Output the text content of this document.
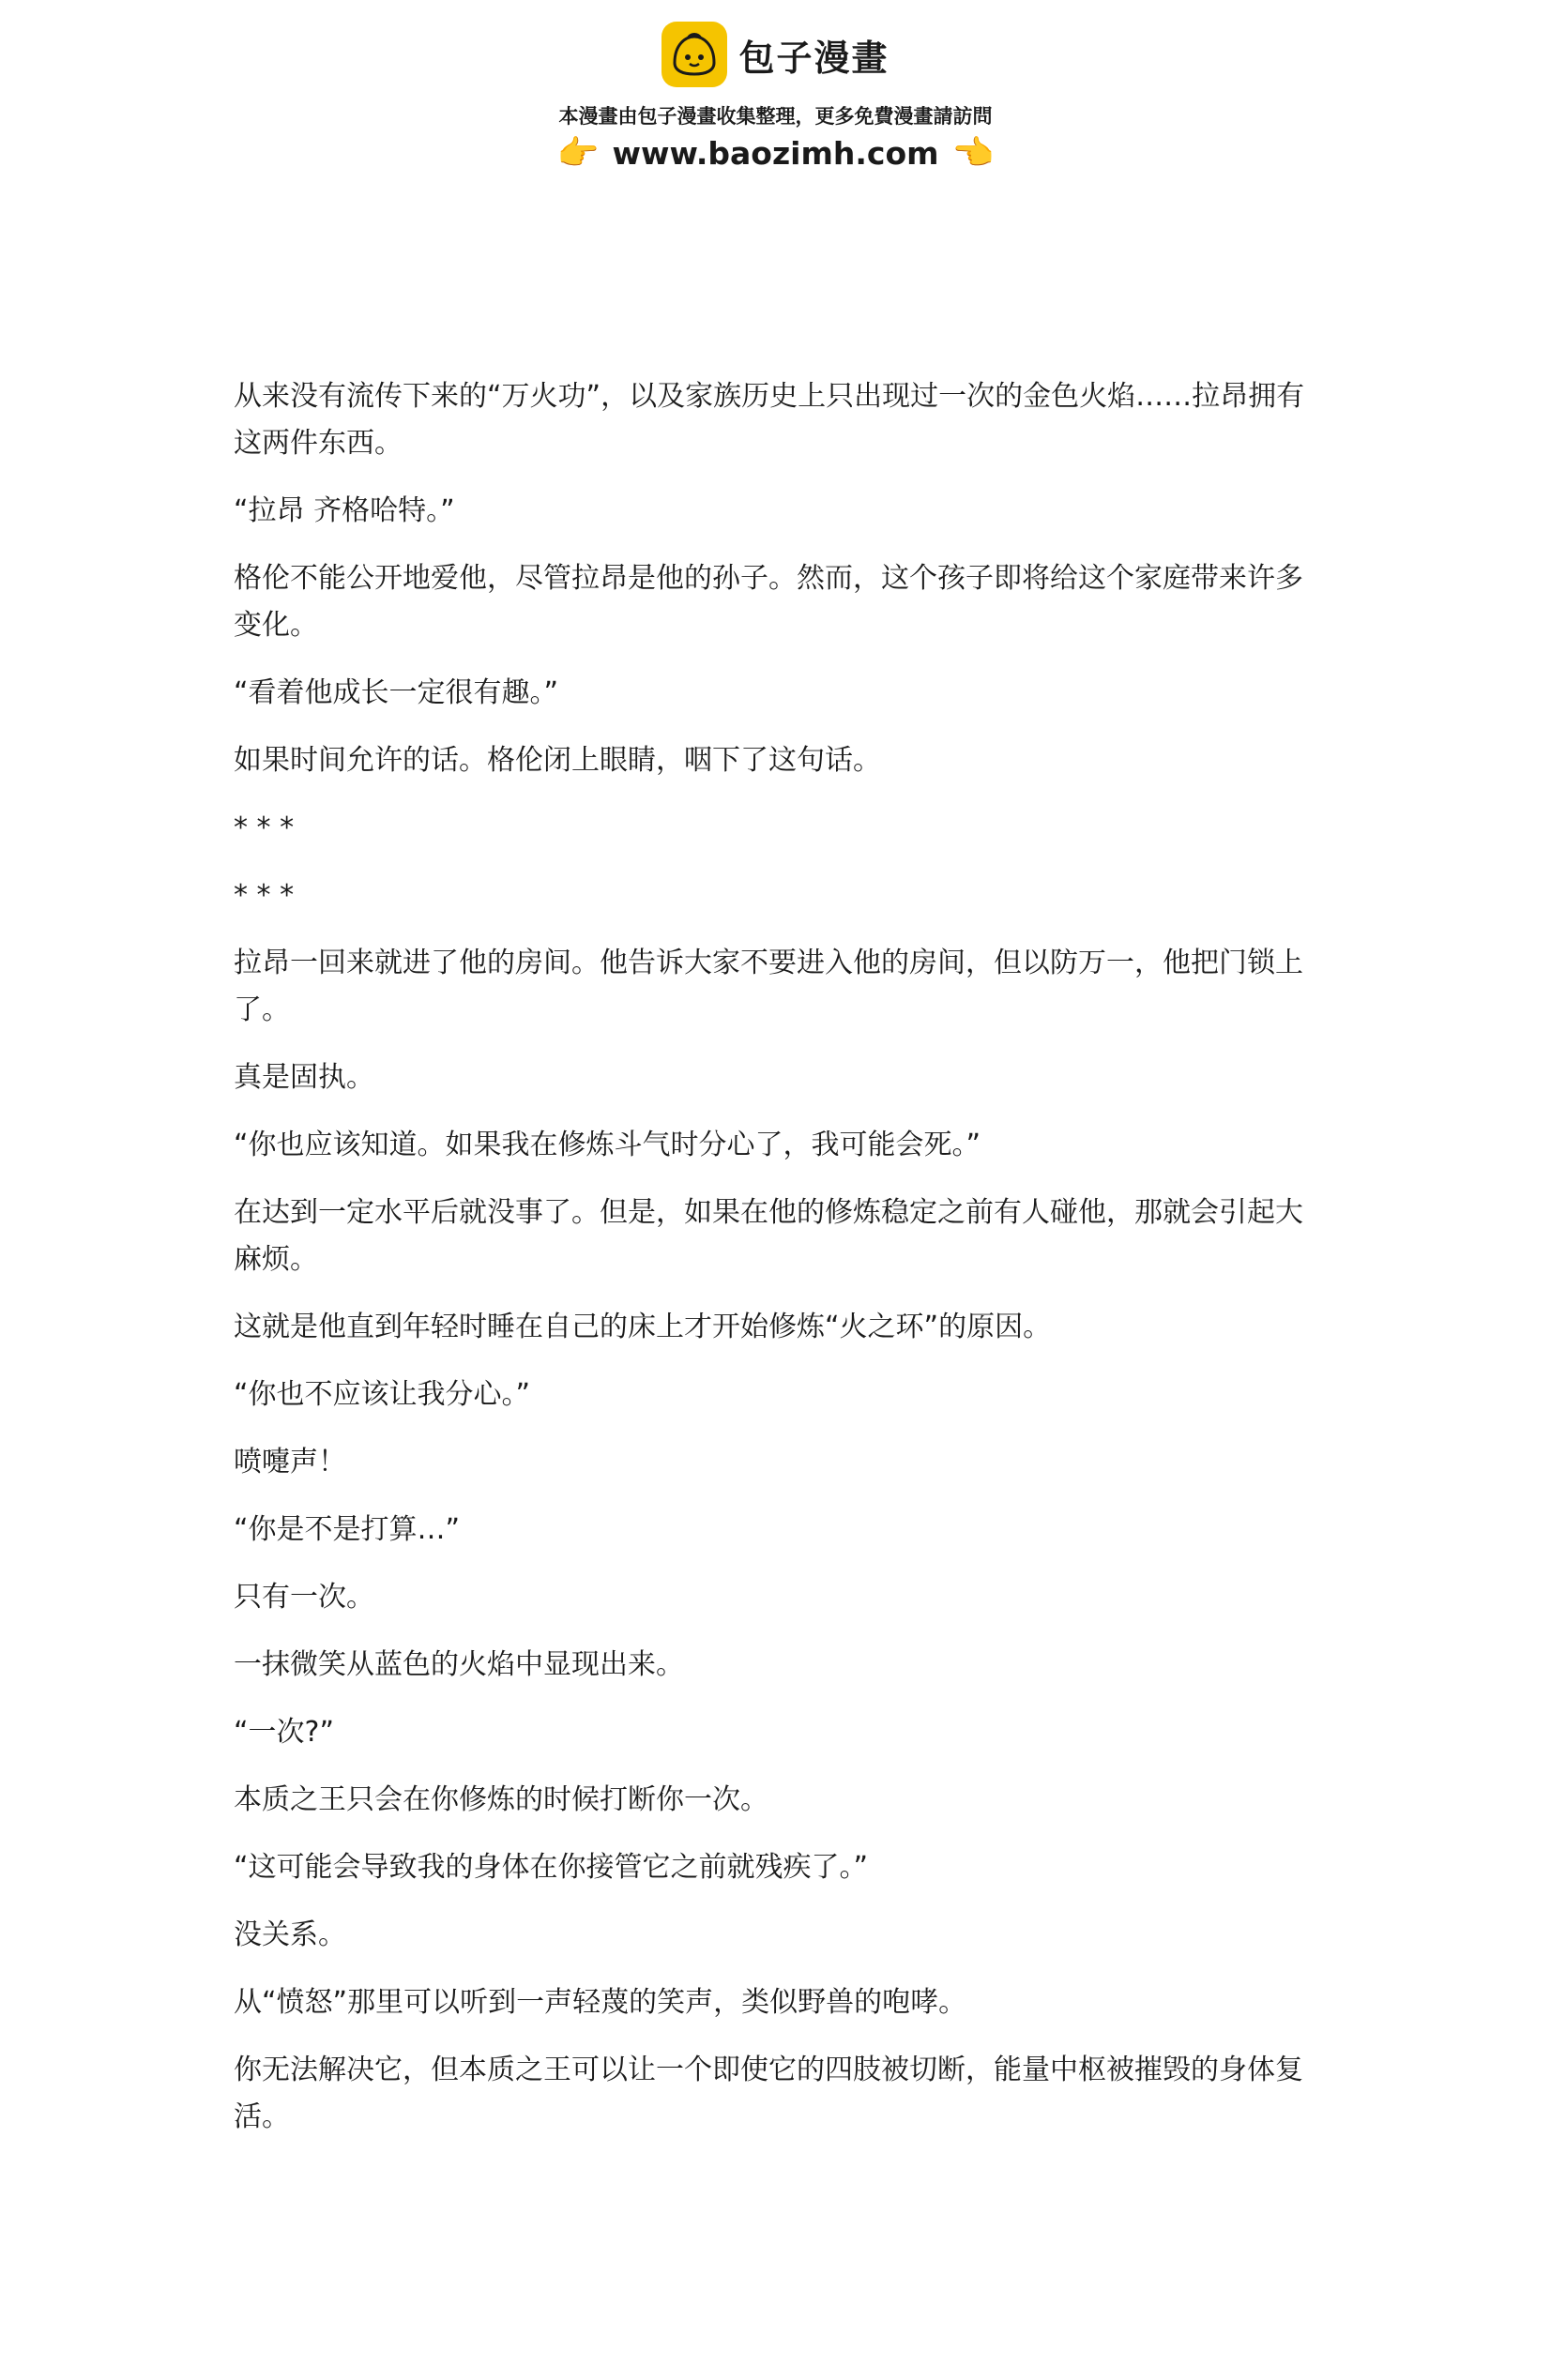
包子漫畫
本漫畫由包子漫畫收集整理，更多免費漫畫請訪問
👉 www.baozimh.com 👈

从来没有流传下来的“万火功”，以及家族历史上只出现过一次的金色火焰……拉昂拥有这两件东西。

“拉昂 齐格哈特。”

格伦不能公开地爱他，尽管拉昂是他的孙子。然而，这个孩子即将给这个家庭带来许多变化。

“看着他成长一定很有趣。”

如果时间允许的话。格伦闭上眼睛，咽下了这句话。

* * *

* * *

拉昂一回来就进了他的房间。他告诉大家不要进入他的房间，但以防万一，他把门锁上了。

真是固执。

“你也应该知道。如果我在修炼斗气时分心了，我可能会死。”

在达到一定水平后就没事了。但是，如果在他的修炼稳定之前有人碰他，那就会引起大麻烦。

这就是他直到年轻时睡在自己的床上才开始修炼“火之环”的原因。

“你也不应该让我分心。”

喷嚏声！

“你是不是打算…”

只有一次。

一抹微笑从蓝色的火焰中显现出来。

“一次?”

本质之王只会在你修炼的时候打断你一次。

“这可能会导致我的身体在你接管它之前就残疾了。”

没关系。

从“愤怒”那里可以听到一声轻蔑的笑声，类似野兽的咆哮。

你无法解决它，但本质之王可以让一个即使它的四肢被切断，能量中枢被摧毁的身体复活。
